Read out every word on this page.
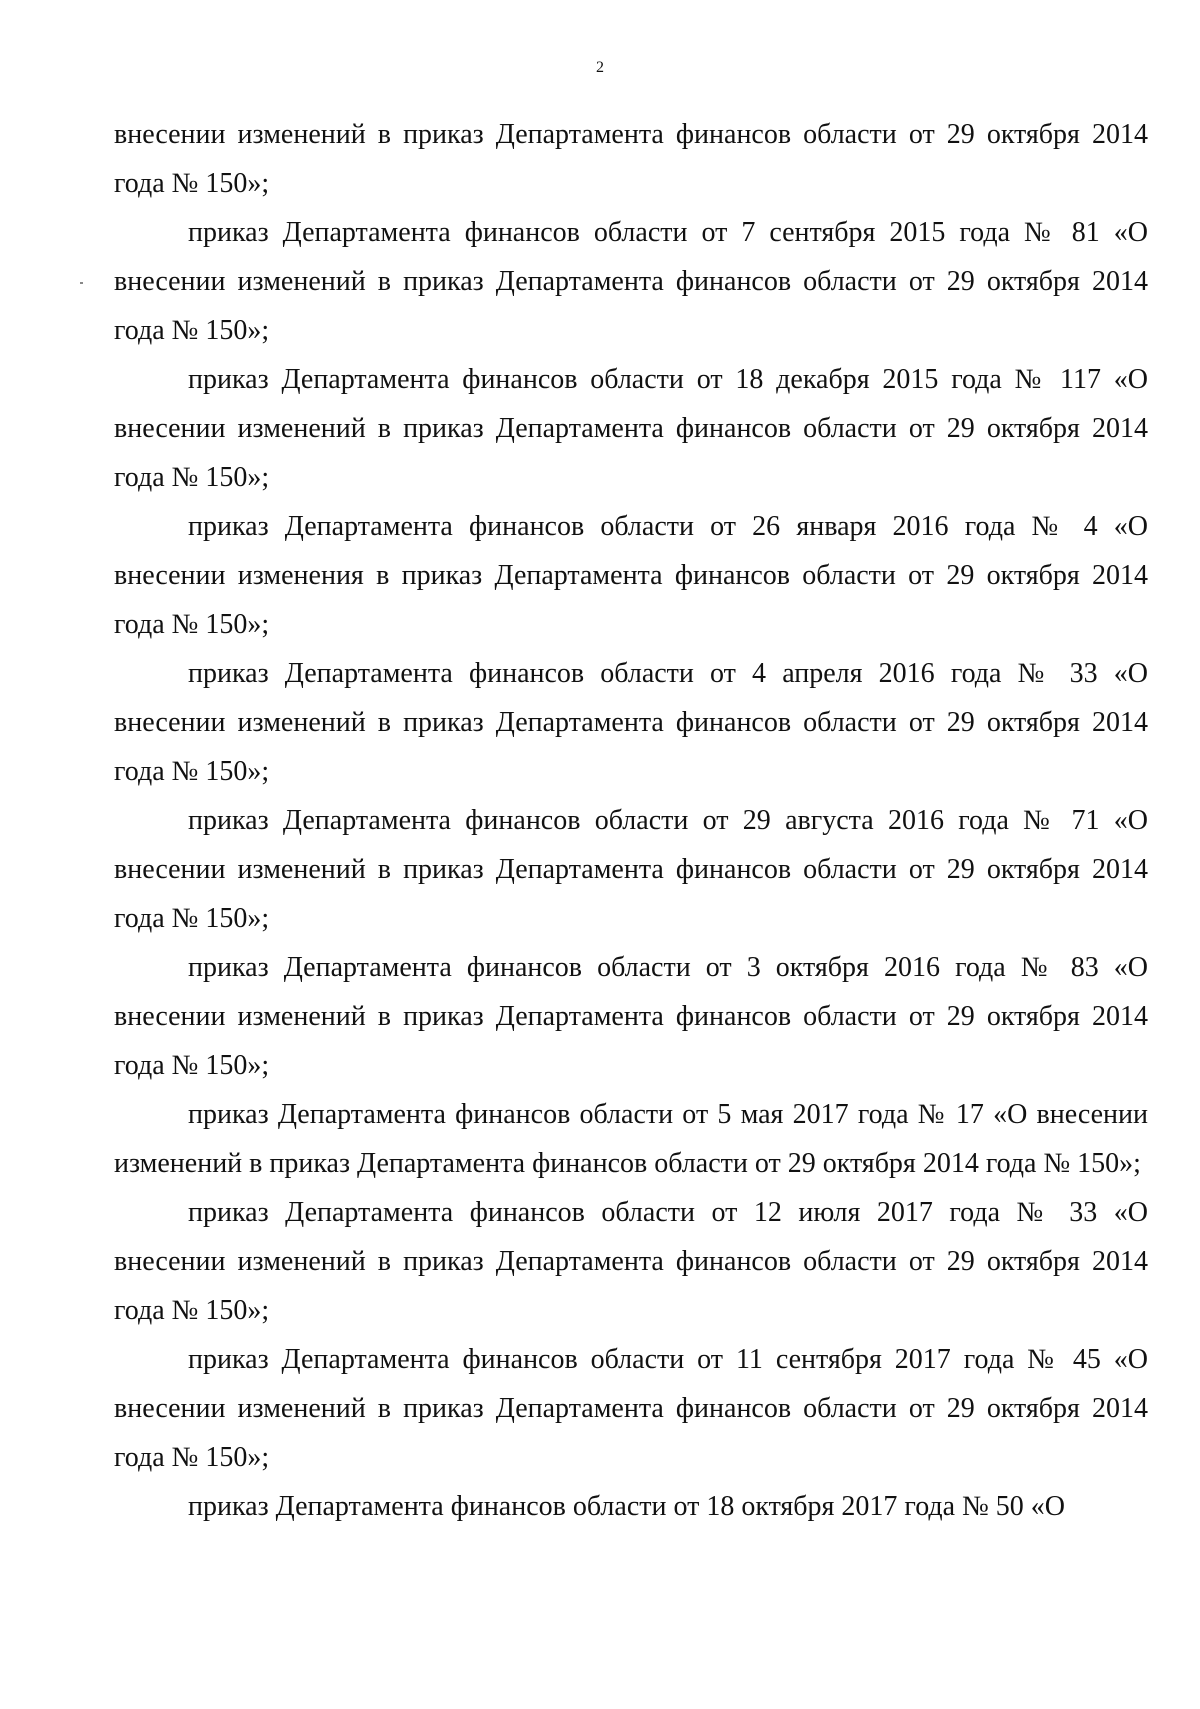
2

внесении изменений в приказ Департамента финансов области от 29 октября 2014 года № 150»;

приказ Департамента финансов области от 7 сентября 2015 года № 81 «О внесении изменений в приказ Департамента финансов области от 29 октября 2014 года № 150»;

приказ Департамента финансов области от 18 декабря 2015 года № 117 «О внесении изменений в приказ Департамента финансов области от 29 октября 2014 года № 150»;

приказ Департамента финансов области от 26 января 2016 года № 4 «О внесении изменения в приказ Департамента финансов области от 29 октября 2014 года № 150»;

приказ Департамента финансов области от 4 апреля 2016 года № 33 «О внесении изменений в приказ Департамента финансов области от 29 октября 2014 года № 150»;

приказ Департамента финансов области от 29 августа 2016 года № 71 «О внесении изменений в приказ Департамента финансов области от 29 октября 2014 года № 150»;

приказ Департамента финансов области от 3 октября 2016 года № 83 «О внесении изменений в приказ Департамента финансов области от 29 октября 2014 года № 150»;

приказ Департамента финансов области от 5 мая 2017 года № 17 «О внесении изменений в приказ Департамента финансов области от 29 октября 2014 года № 150»;

приказ Департамента финансов области от 12 июля 2017 года № 33 «О внесении изменений в приказ Департамента финансов области от 29 октября 2014 года № 150»;

приказ Департамента финансов области от 11 сентября 2017 года № 45 «О внесении изменений в приказ Департамента финансов области от 29 октября 2014 года № 150»;

приказ Департамента финансов области от 18 октября 2017 года № 50 «О
